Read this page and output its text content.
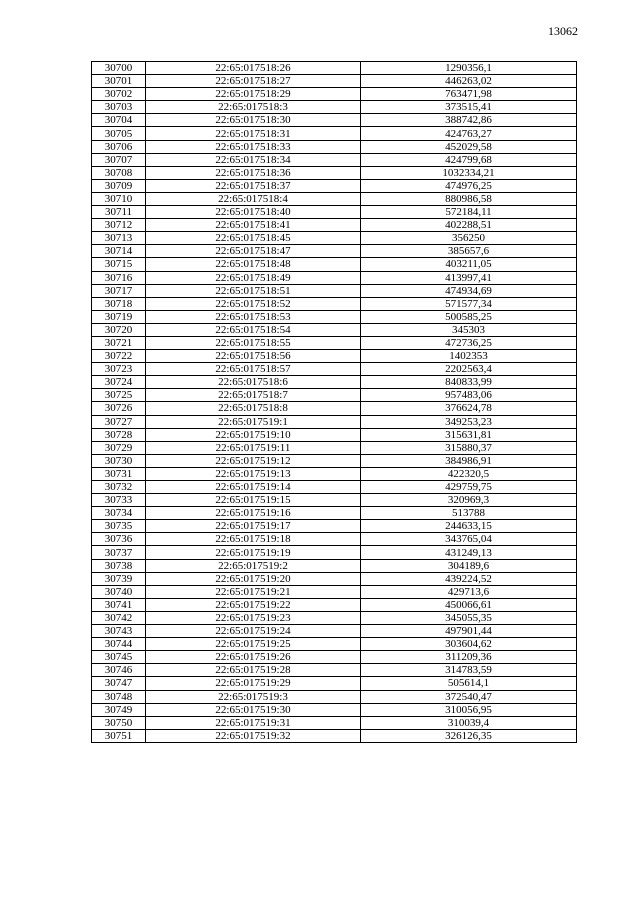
13062
30700	22:65:017518:26	1290356,1
30701	22:65:017518:27	446263,02
30702	22:65:017518:29	763471,98
30703	22:65:017518:3	373515,41
30704	22:65:017518:30	388742,86
30705	22:65:017518:31	424763,27
30706	22:65:017518:33	452029,58
30707	22:65:017518:34	424799,68
30708	22:65:017518:36	1032334,21
30709	22:65:017518:37	474976,25
30710	22:65:017518:4	880986,58
30711	22:65:017518:40	572184,11
30712	22:65:017518:41	402288,51
30713	22:65:017518:45	356250
30714	22:65:017518:47	385657,6
30715	22:65:017518:48	403211,05
30716	22:65:017518:49	413997,41
30717	22:65:017518:51	474934,69
30718	22:65:017518:52	571577,34
30719	22:65:017518:53	500585,25
30720	22:65:017518:54	345303
30721	22:65:017518:55	472736,25
30722	22:65:017518:56	1402353
30723	22:65:017518:57	2202563,4
30724	22:65:017518:6	840833,99
30725	22:65:017518:7	957483,06
30726	22:65:017518:8	376624,78
30727	22:65:017519:1	349253,23
30728	22:65:017519:10	315631,81
30729	22:65:017519:11	315880,37
30730	22:65:017519:12	384986,91
30731	22:65:017519:13	422320,5
30732	22:65:017519:14	429759,75
30733	22:65:017519:15	320969,3
30734	22:65:017519:16	513788
30735	22:65:017519:17	244633,15
30736	22:65:017519:18	343765,04
30737	22:65:017519:19	431249,13
30738	22:65:017519:2	304189,6
30739	22:65:017519:20	439224,52
30740	22:65:017519:21	429713,6
30741	22:65:017519:22	450066,61
30742	22:65:017519:23	345055,35
30743	22:65:017519:24	497901,44
30744	22:65:017519:25	303604,62
30745	22:65:017519:26	311209,36
30746	22:65:017519:28	314783,59
30747	22:65:017519:29	505614,1
30748	22:65:017519:3	372540,47
30749	22:65:017519:30	310056,95
30750	22:65:017519:31	310039,4
30751	22:65:017519:32	326126,35
